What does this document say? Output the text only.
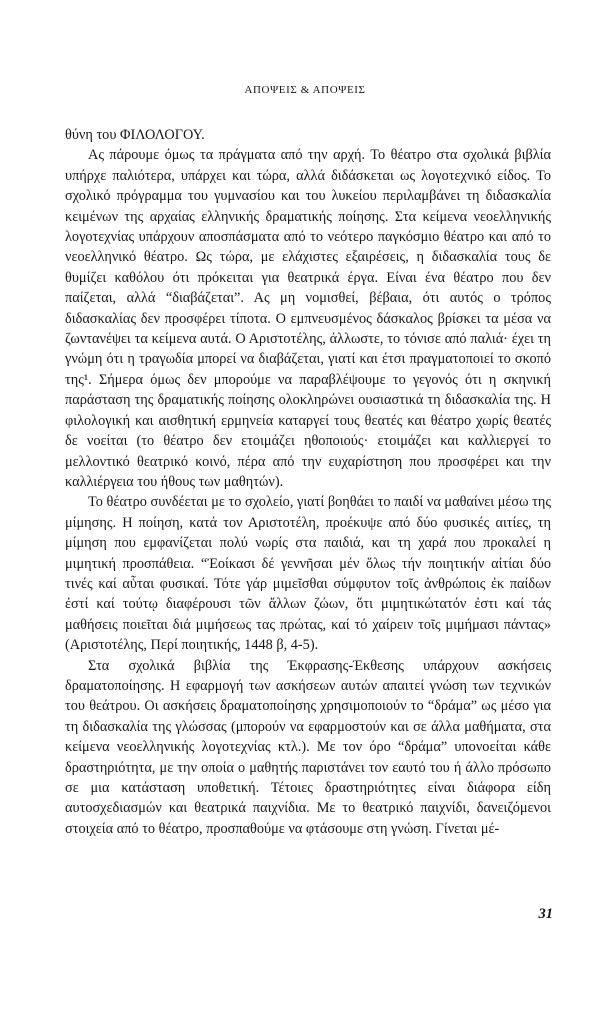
ΑΠΟΨΕΙΣ & ΑΠΟΨΕΙΣ

θύνη του ΦΙΛΟΛΟΓΟΥ.

Ας πάρουμε όμως τα πράγματα από την αρχή. Το θέατρο στα σχολικά βιβλία υπήρχε παλιότερα, υπάρχει και τώρα, αλλά διδάσκεται ως λογοτεχνικό είδος. Το σχολικό πρόγραμμα του γυμνασίου και του λυκείου περιλαμβάνει τη διδασκαλία κειμένων της αρχαίας ελληνικής δραματικής ποίησης. Στα κείμενα νεοελληνικής λογοτεχνίας υπάρχουν αποσπάσματα από το νεότερο παγκόσμιο θέατρο και από το νεοελληνικό θέατρο. Ως τώρα, με ελάχιστες εξαιρέσεις, η διδασκαλία τους δε θυμίζει καθόλου ότι πρόκειται για θεατρικά έργα. Είναι ένα θέατρο που δεν παίζεται, αλλά “διαβάζεται”. Ας μη νομισθεί, βέβαια, ότι αυτός ο τρόπος διδασκαλίας δεν προσφέρει τίποτα. Ο εμπνευσμένος δάσκαλος βρίσκει τα μέσα να ζωντανέψει τα κείμενα αυτά. Ο Αριστοτέλης, άλλωστε, το τόνισε από παλιά· έχει τη γνώμη ότι η τραγωδία μπορεί να διαβάζεται, γιατί και έτσι πραγματοποιεί το σκοπό της¹. Σήμερα όμως δεν μπορούμε να παραβλέψουμε το γεγονός ότι η σκηνική παράσταση της δραματικής ποίησης ολοκληρώνει ουσιαστικά τη διδασκαλία της. Η φιλολογική και αισθητική ερμηνεία καταργεί τους θεατές και θέατρο χωρίς θεατές δε νοείται (το θέατρο δεν ετοιμάζει ηθοποιούς· ετοιμάζει και καλλιεργεί το μελλοντικό θεατρικό κοινό, πέρα από την ευχαρίστηση που προσφέρει και την καλλιέργεια του ήθους των μαθητών).

Το θέατρο συνδέεται με το σχολείο, γιατί βοηθάει το παιδί να μαθαίνει μέσω της μίμησης. Η ποίηση, κατά τον Αριστοτέλη, προέκυψε από δύο φυσικές αιτίες, τη μίμηση που εμφανίζεται πολύ νωρίς στα παιδιά, και τη χαρά που προκαλεί η μιμητική προσπάθεια. “Ἐοίκασι δέ γεννῆσαι μέν ὅλως τήν ποιητικήν αἰτίαι δύο τινές καί αὗται φυσικαί. Τότε γάρ μιμεῖσθαι σύμφυτον τοῖς ἀνθρώποις ἐκ παίδων ἐστί καί τούτῳ διαφέρουσι τῶν ἄλλων ζώων, ὅτι μιμητικώτατόν ἐστι καί τάς μαθήσεις ποιεῖται διά μιμήσεως τας πρώτας, καί τό χαίρειν τοῖς μιμήμασι πάντας» (Αριστοτέλης, Περί ποιητικής, 1448 β, 4-5).

Στα σχολικά βιβλία της Έκφρασης-Έκθεσης υπάρχουν ασκήσεις δραματοποίησης. Η εφαρμογή των ασκήσεων αυτών απαιτεί γνώση των τεχνικών του θεάτρου. Οι ασκήσεις δραματοποίησης χρησιμοποιούν το “δράμα” ως μέσο για τη διδασκαλία της γλώσσας (μπορούν να εφαρμοστούν και σε άλλα μαθήματα, στα κείμενα νεοελληνικής λογοτεχνίας κτλ.). Με τον όρο “δράμα” υπονοείται κάθε δραστηριότητα, με την οποία ο μαθητής παριστάνει τον εαυτό του ή άλλο πρόσωπο σε μια κατάσταση υποθετική. Τέτοιες δραστηριότητες είναι διάφορα είδη αυτοσχεδιασμών και θεατρικά παιχνίδια. Με το θεατρικό παιχνίδι, δανειζόμενοι στοιχεία από το θέατρο, προσπαθούμε να φτάσουμε στη γνώση. Γίνεται μέ-

31
